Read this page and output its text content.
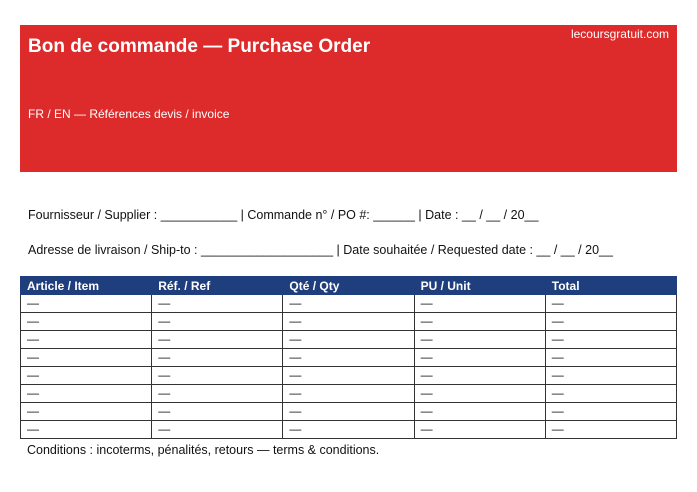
Bon de commande — Purchase Order
FR / EN — Références devis / invoice
lecoursgratuit.com
Fournisseur / Supplier : ___________ | Commande n° / PO #: ______ | Date : __ / __ / 20__
Adresse de livraison / Ship-to : ___________________ | Date souhaitée / Requested date : __ / __ / 20__
Article / Item	Réf. / Ref	Qté / Qty	PU / Unit	Total
—	—	—	—	—
—	—	—	—	—
—	—	—	—	—
—	—	—	—	—
—	—	—	—	—
—	—	—	—	—
—	—	—	—	—
—	—	—	—	—
Conditions : incoterms, pénalités, retours — terms & conditions.
